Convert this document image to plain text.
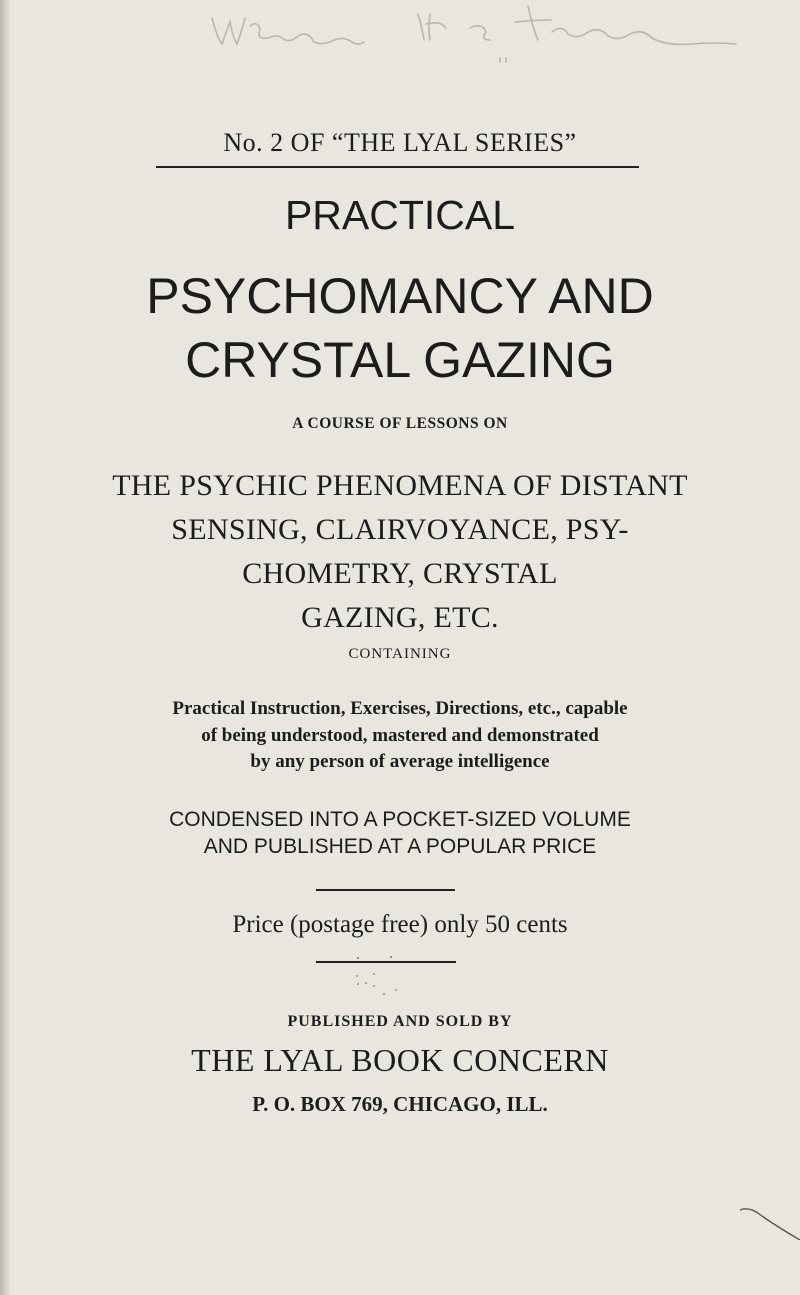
No. 2 OF “THE LYAL SERIES”
PRACTICAL
PSYCHOMANCY AND
CRYSTAL GAZING
A COURSE OF LESSONS ON
THE PSYCHIC PHENOMENA OF DISTANT
SENSING, CLAIRVOYANCE, PSY-
CHOMETRY, CRYSTAL
GAZING, ETC.
CONTAINING
Practical Instruction, Exercises, Directions, etc., capable
of being understood, mastered and demonstrated
by any person of average intelligence
CONDENSED INTO A POCKET-SIZED VOLUME
AND PUBLISHED AT A POPULAR PRICE
Price (postage free) only 50 cents
PUBLISHED AND SOLD BY
THE LYAL BOOK CONCERN
P. O. BOX 769, CHICAGO, ILL.
